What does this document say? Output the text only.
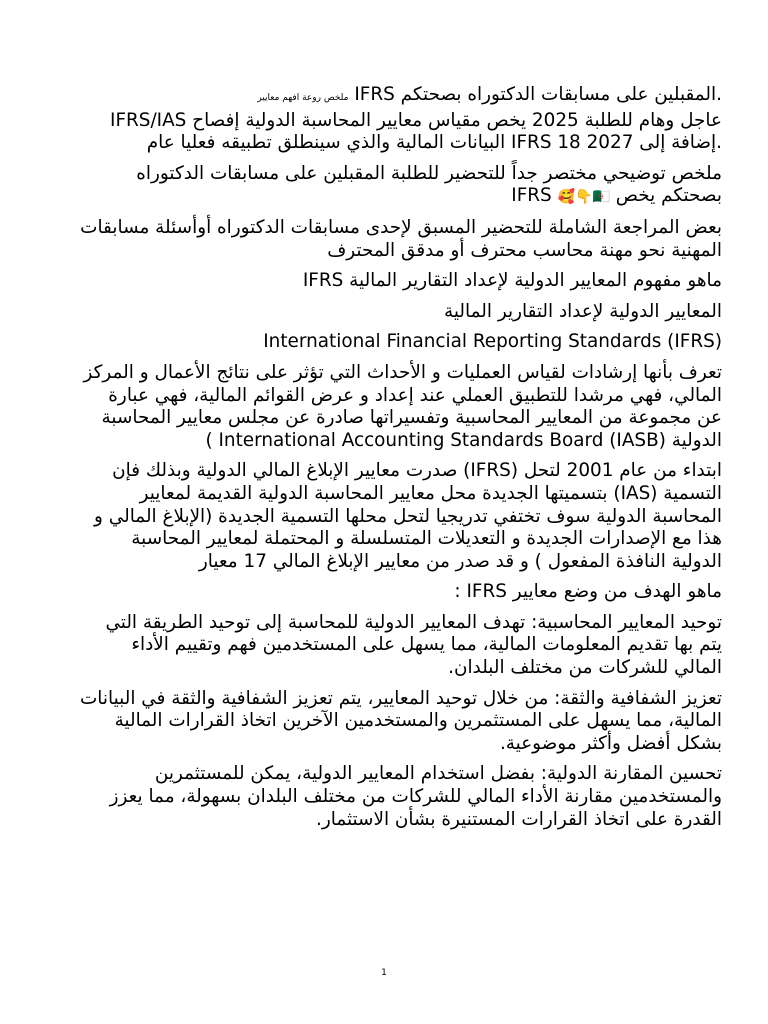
.المقبلين على مسابقات الدكتوراه بصحتكم IFRS ملخص روعة افهم معايير
IFRS/IAS عاجل وهام للطلبة 2025 يخص مقياس معايير المحاسبة الدولية إفصاح البيانات المالية والذي سينطلق تطبيقه فعليا عام IFRS 18 إضافة إلى 2027.

ملخص توضيحي مختصر جداً للتحضير للطلبة المقبلين على مسابقات الدكتوراه بصحتكم يخص IFRS 🥰👇🇩🇿

بعض المراجعة الشاملة للتحضير المسبق لإحدى مسابقات الدكتوراه أوأسئلة مسابقات المهنية نحو مهنة محاسب محترف أو مدقق المحترف

IFRS ماهو مفهوم المعايير الدولية لإعداد التقارير المالية

المعايير الدولية لإعداد التقارير المالية

International Financial Reporting Standards (IFRS)

تعرف بأنها إرشادات لقياس العمليات و الأحداث التي تؤثر على نتائج الأعمال و المركز المالي، فهي مرشدا للتطبيق العملي عند إعداد و عرض القوائم المالية، فهي عبارة عن مجموعة من المعايير المحاسبية وتفسيراتها صادرة عن مجلس معايير المحاسبة الدولية (IASB) International Accounting Standards Board )

ابتداء من عام 2001 لتحل (IFRS) صدرت معايير الإبلاغ المالي الدولية وبذلك فإن التسمية (IAS) بتسميتها الجديدة محل معايير المحاسبة الدولية القديمة لمعايير المحاسبة الدولية سوف تختفي تدريجيا لتحل محلها التسمية الجديدة (الإبلاغ المالي و هذا مع الإصدارات الجديدة و التعديلات المتسلسلة و المحتملة لمعايير المحاسبة الدولية النافذة المفعول ) و قد صدر من معايير الإبلاغ المالي 17 معيار

: IFRS ماهو الهدف من وضع معايير

توحيد المعايير المحاسبية: تهدف المعايير الدولية للمحاسبة إلى توحيد الطريقة التي يتم بها تقديم المعلومات المالية، مما يسهل على المستخدمين فهم وتقييم الأداء المالي للشركات من مختلف البلدان.

تعزيز الشفافية والثقة: من خلال توحيد المعايير، يتم تعزيز الشفافية والثقة في البيانات المالية، مما يسهل على المستثمرين والمستخدمين الآخرين اتخاذ القرارات المالية بشكل أفضل وأكثر موضوعية.

تحسين المقارنة الدولية: بفضل استخدام المعايير الدولية، يمكن للمستثمرين والمستخدمين مقارنة الأداء المالي للشركات من مختلف البلدان بسهولة، مما يعزز القدرة على اتخاذ القرارات المستنيرة بشأن الاستثمار.

1
